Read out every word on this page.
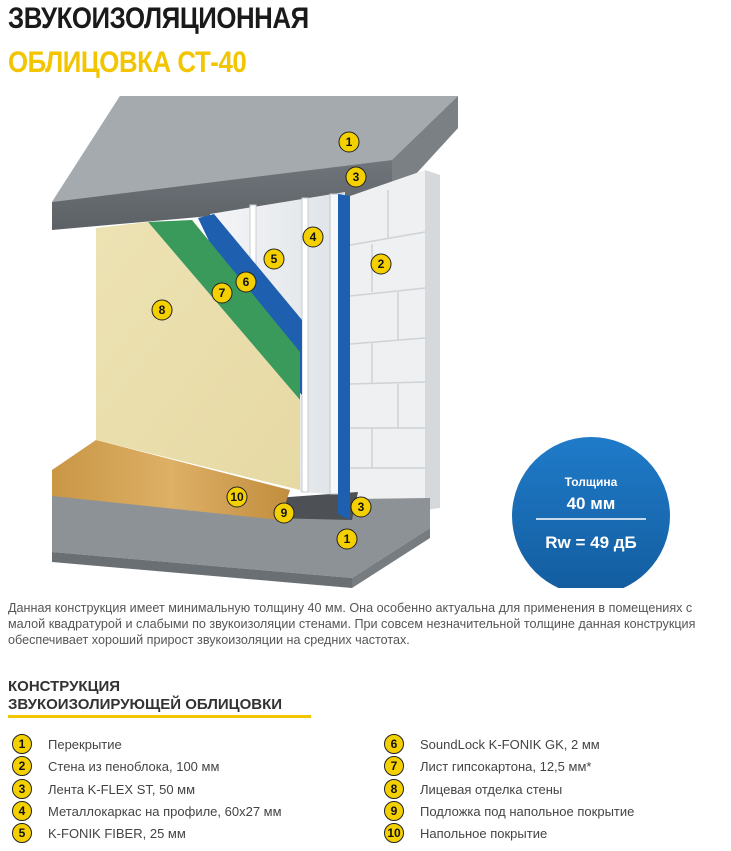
ЗВУКОИЗОЛЯЦИОННАЯ
ОБЛИЦОВКА СТ-40
1
3
4
5	2
7
6
8
10
9	3
1
Толщина
40 мм
Rw = 49 дБ

Данная конструкция имеет минимальную толщину 40 мм. Она особенно актуальна для применения в помещениях с малой квадратурой и слабыми по звукоизоляции стенами. При совсем незначительной толщине данная конструкция обеспечивает хороший прирост звукоизоляции на средних частотах.

КОНСТРУКЦИЯ
ЗВУКОИЗОЛИРУЮЩЕЙ ОБЛИЦОВКИ
1	Перекрытие
2	Стена из пеноблока, 100 мм
3	Лента K-FLEX ST, 50 мм
4	Металлокаркас на профиле, 60х27 мм
5	K-FONIK FIBER, 25 мм
6	SoundLock K-FONIK GK, 2 мм
7	Лист гипсокартона, 12,5 мм*
8	Лицевая отделка стены
9	Подложка под напольное покрытие
10 Напольное покрытие
